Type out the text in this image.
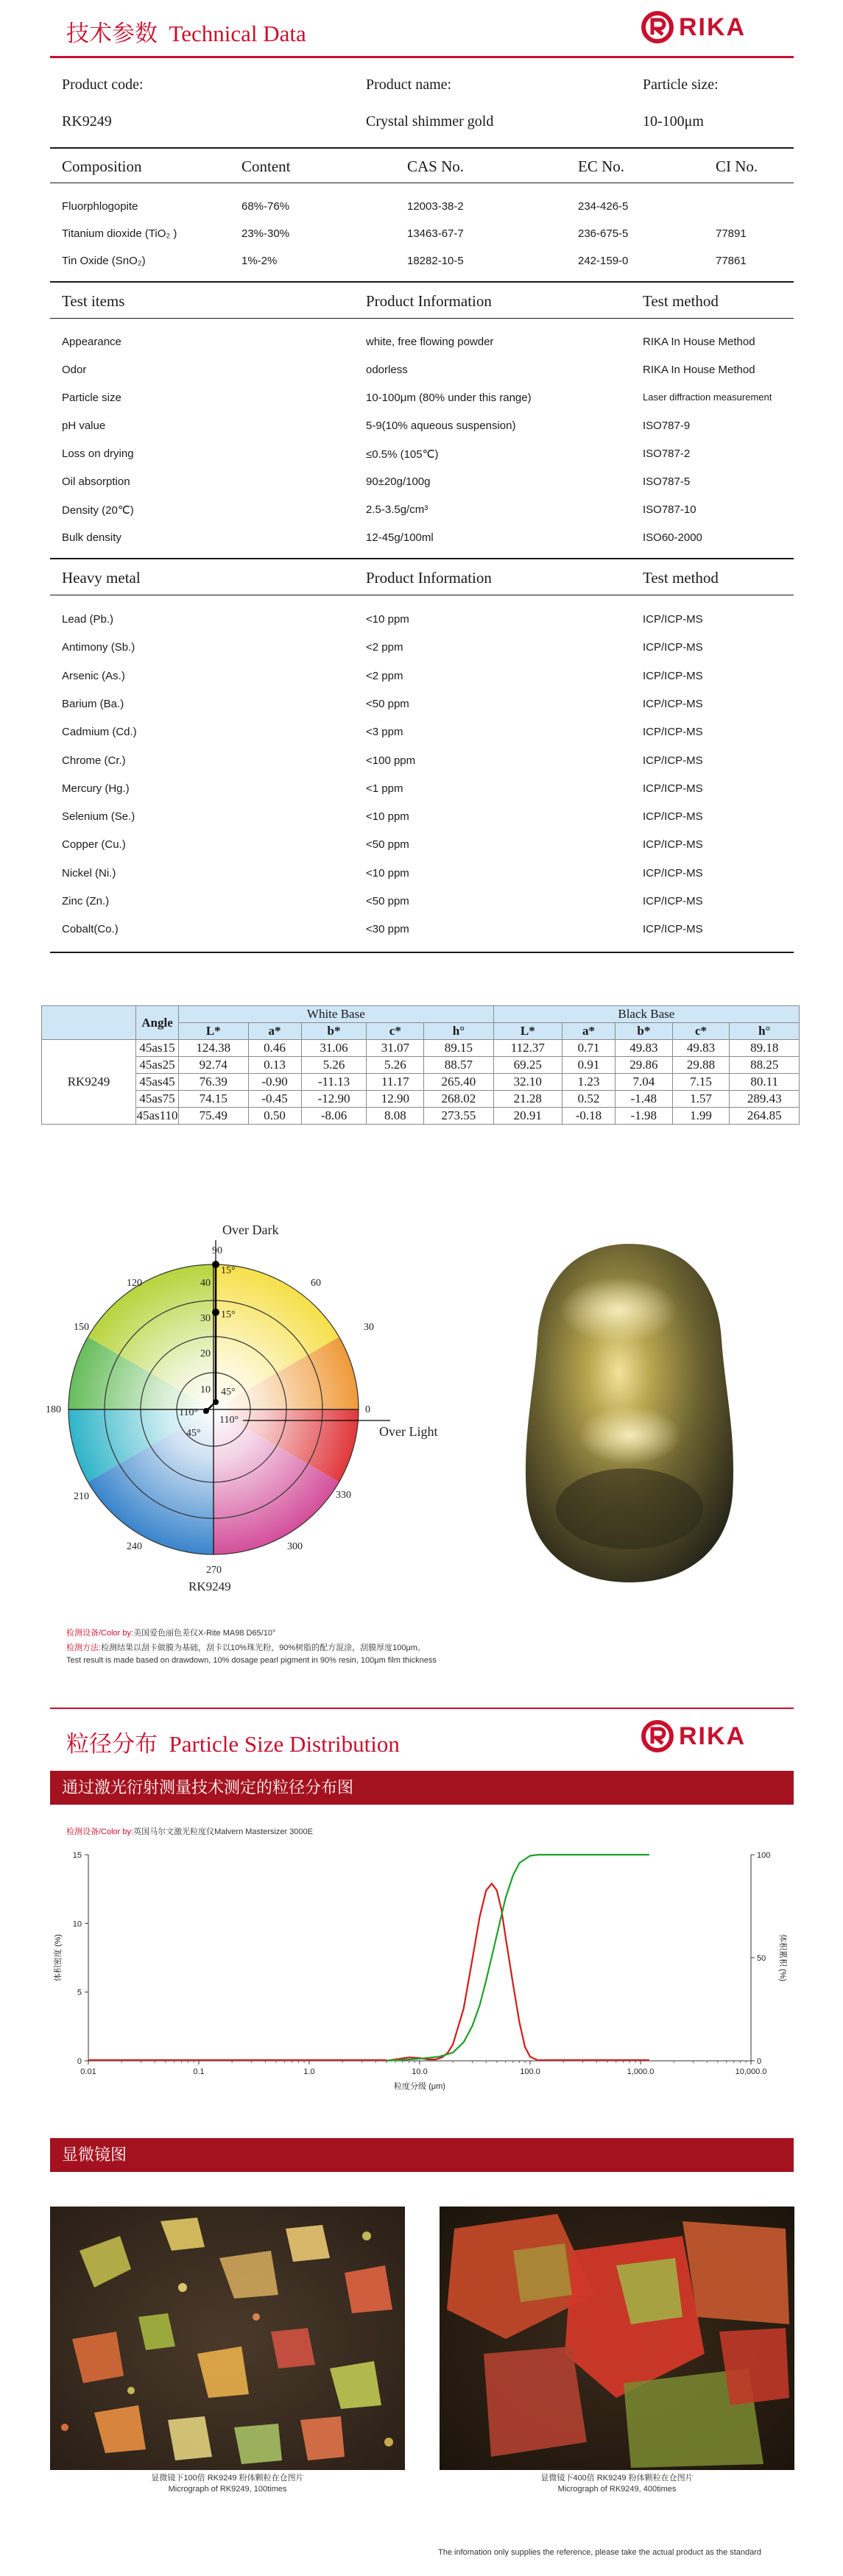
技术参数 Technical Data	RIKA
Product code:	Product name:	Particle size:
RK9249	Crystal shimmer gold	10-100μm
Composition	Content	CAS No.	EC No.	CI No.
Fluorphlogopite	68%-76%	12003-38-2	234-426-5
Titanium dioxide (TiO₂ )	23%-30%	13463-67-7	236-675-5	77891
Tin Oxide (SnO₂)	1%-2%	18282-10-5	242-159-0	77861
Test items	Product Information	Test method
Appearance	white, free flowing powder	RIKA In House Method
Odor	odorless	RIKA In House Method
Particle size	10-100μm (80% under this range)	Laser diffraction measurement
pH value	5-9(10% aqueous suspension)	ISO787-9
Loss on drying	≤0.5% (105℃)	ISO787-2
Oil absorption	90±20g/100g	ISO787-5
Density (20℃)	2.5-3.5g/cm³	ISO787-10
Bulk density	12-45g/100ml	ISO60-2000
Heavy metal	Product Information	Test method
Lead (Pb.)	<10 ppm	ICP/ICP-MS
Antimony (Sb.)	<2 ppm	ICP/ICP-MS
Arsenic (As.)	<2 ppm	ICP/ICP-MS
Barium (Ba.)	<50 ppm	ICP/ICP-MS
Cadmium (Cd.)	<3 ppm	ICP/ICP-MS
Chrome (Cr.)	<100 ppm	ICP/ICP-MS
Mercury (Hg.)	<1 ppm	ICP/ICP-MS
Selenium (Se.)	<10 ppm	ICP/ICP-MS
Copper (Cu.)	<50 ppm	ICP/ICP-MS
Nickel (Ni.)	<10 ppm	ICP/ICP-MS
Zinc (Zn.)	<50 ppm	ICP/ICP-MS
Cobalt(Co.)	<30 ppm	ICP/ICP-MS
	Angle	White Base					Black Base				
		L*	a*	b*	c*	h°	L*	a*	b*	c*	h°
RK9249	45as15	124.38	0.46	31.06	31.07	89.15	112.37	0.71	49.83	49.83	89.18
	45as25	92.74	0.13	5.26	5.26	88.57	69.25	0.91	29.86	29.88	88.25
	45as45	76.39	-0.90	-11.13	11.17	265.40	32.10	1.23	7.04	7.15	80.11
	45as75	74.15	-0.45	-12.90	12.90	268.02	21.28	0.52	-1.48	1.57	289.43
	45as110	75.49	0.50	-8.06	8.08	273.55	20.91	-0.18	-1.98	1.99	264.85
90
60
30
0
330
300
270
240
210
180
150
120
10
20
30
40
15°
15°
45°
110°
110°
45°
Over Dark
Over Light
RK9249
检测设备/Color by:美国爱色丽色差仪X-Rite MA98 D65/10°
检测方法:检测结果以刮卡做膜为基础，刮卡以10%珠光粉，90%树脂的配方混涂，刮膜厚度100μm。
Test result is made based on drawdown, 10% dosage pearl pigment in 90% resin, 100μm film thickness
粒径分布 Particle Size Distribution	RIKA
通过激光衍射测量技术测定的粒径分布图
检测设备/Color by:英国马尔文激光粒度仪Malvern Mastersizer 3000E
0.01	0.1	1.0	10.0	100.0	1,000.0	10,000.0
0
5
10
15
0
50
100
体积密度 (%)	体积累积 (%)
粒度分级 (μm)
显微镜图
显微镜下100倍 RK9249 粉体颗粒在仓图片
Micrograph of RK9249, 100times
显微镜下400倍 RK9249 粉体颗粒在仓图片
Micrograph of RK9249, 400times
The infomation only supplies the reference, please take the actual product as the standard
